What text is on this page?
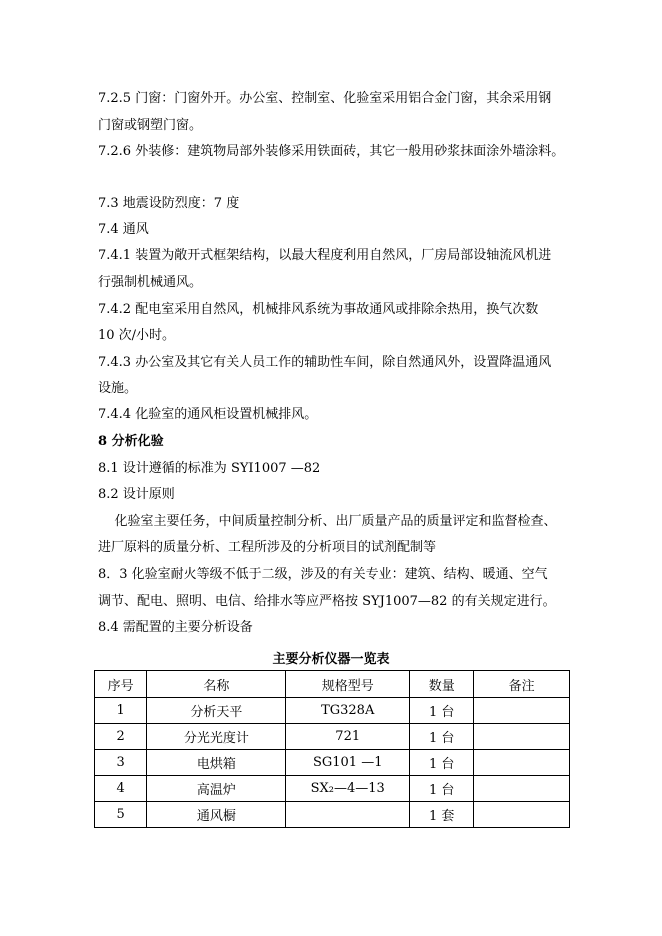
7.2.5 门窗：门窗外开。办公室、控制室、化验室采用铝合金门窗，其余采用钢
门窗或钢塑门窗。
7.2.6 外装修：建筑物局部外装修采用铁面砖，其它一般用砂浆抹面涂外墙涂料。
7.3 地震设防烈度：7 度
7.4 通风
7.4.1 装置为敞开式框架结构，以最大程度利用自然风，厂房局部设轴流风机进
行强制机械通风。
7.4.2 配电室采用自然风，机械排风系统为事故通风或排除余热用，换气次数
10 次/小时。
7.4.3 办公室及其它有关人员工作的辅助性车间，除自然通风外，设置降温通风
设施。
7.4.4 化验室的通风柜设置机械排风。
8 分析化验
8.1 设计遵循的标准为 SYI1007 —82
8.2 设计原则
化验室主要任务，中间质量控制分析、出厂质量产品的质量评定和监督检查、
进厂原料的质量分析、工程所涉及的分析项目的试剂配制等
8．3 化验室耐火等级不低于二级，涉及的有关专业：建筑、结构、暖通、空气
调节、配电、照明、电信、给排水等应严格按 SYJ1007—82 的有关规定进行。
8.4 需配置的主要分析设备
主要分析仪器一览表
序号	名称	规格型号	数量	备注
1	分析天平	TG328A	1 台	
2	分光光度计	721	1 台	
3	电烘箱	SG101 —1	1 台	
4	高温炉	SX₂—4—13	1 台	
5	通风橱		1 套	
